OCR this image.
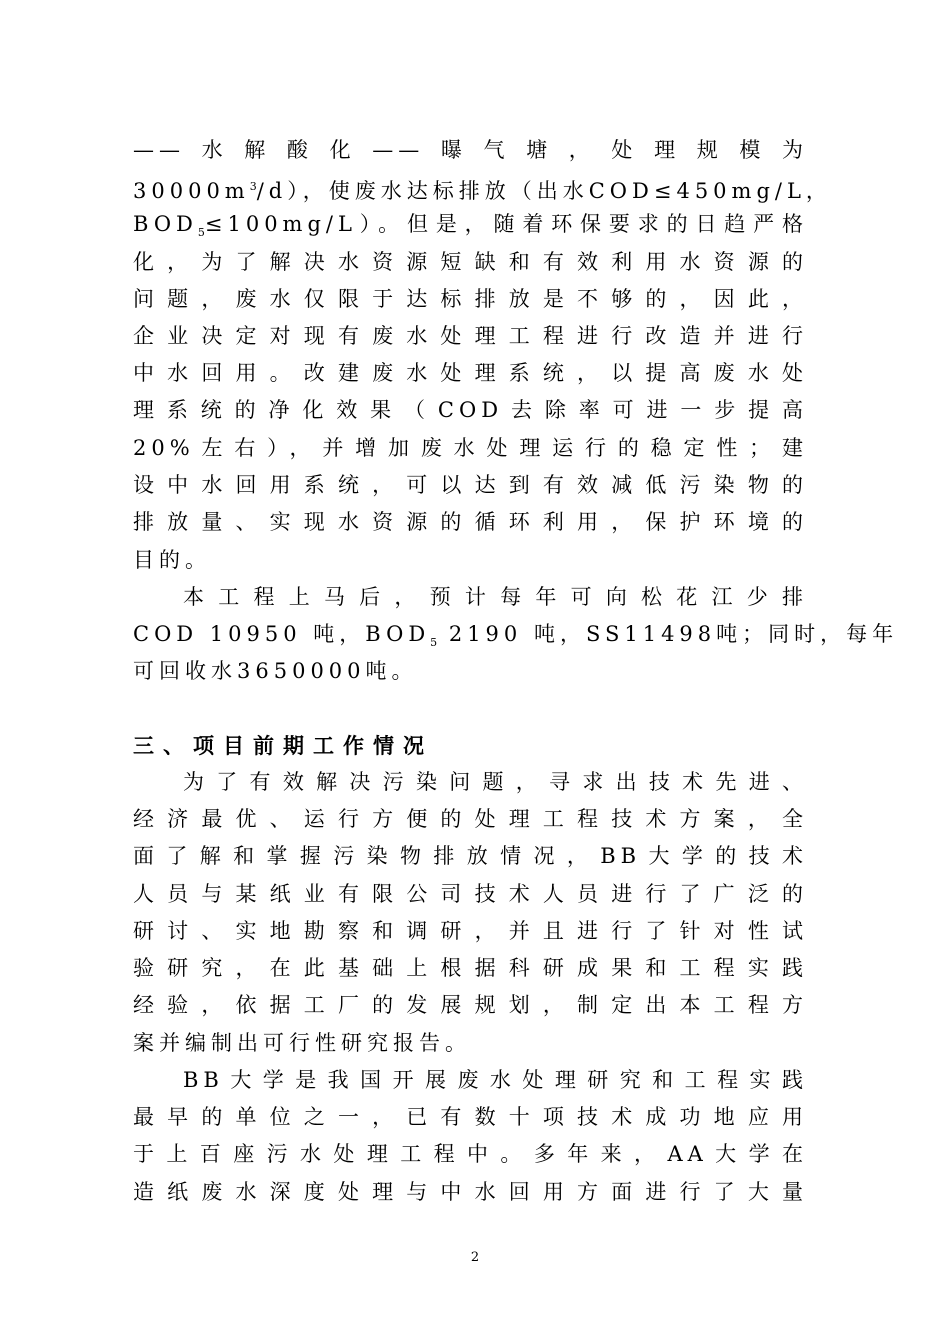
——水解酸化——曝气塘，处理规模为
$30000m^3/d$），使废水达标排放（出水COD≤450mg/L，
$BOD_5\le 100mg/L$）。但是，随着环保要求的日趋严格
化，为了解决水资源短缺和有效利用水资源的
问题，废水仅限于达标排放是不够的，因此，
企业决定对现有废水处理工程进行改造并进行
中水回用。改建废水处理系统，以提高废水处
理系统的净化效果（COD去除率可进一步提高
20%左右），并增加废水处理运行的稳定性；建
设中水回用系统，可以达到有效减低污染物的
排放量、实现水资源的循环利用，保护环境的
目的。
本工程上马后，预计每年可向松花江少排
COD 10950 吨，$BOD_5$ 2190 吨，SS11498吨；同时，每年
可回收水3650000吨。
三、项目前期工作情况
为了有效解决污染问题，寻求出技术先进、
经济最优、运行方便的处理工程技术方案，全
面了解和掌握污染物排放情况，BB大学的技术
人员与某纸业有限公司技术人员进行了广泛的
研讨、实地勘察和调研，并且进行了针对性试
验研究，在此基础上根据科研成果和工程实践
经验，依据工厂的发展规划，制定出本工程方
案并编制出可行性研究报告。
BB大学是我国开展废水处理研究和工程实践
最早的单位之一，已有数十项技术成功地应用
于上百座污水处理工程中。多年来，AA大学在
造纸废水深度处理与中水回用方面进行了大量
2
